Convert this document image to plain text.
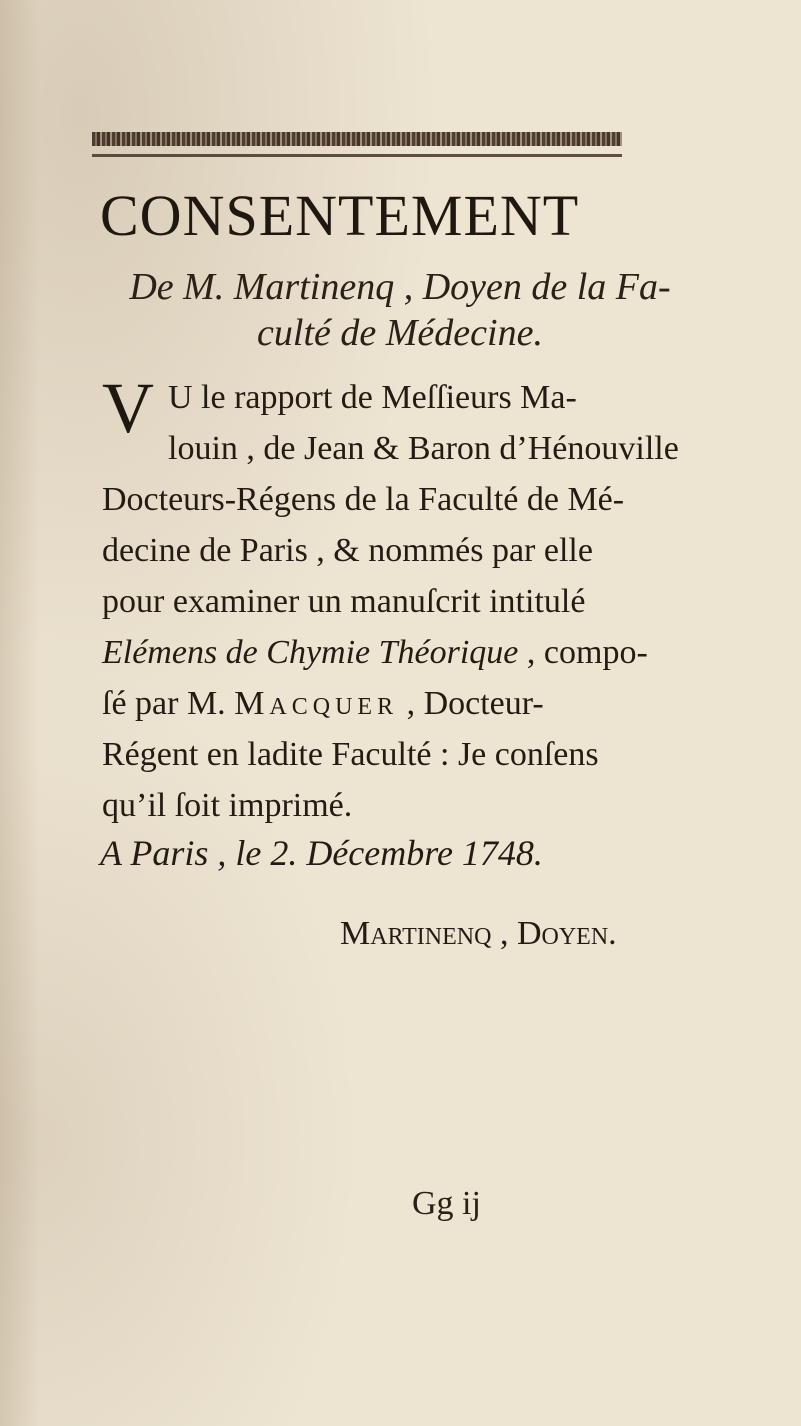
CONSENTEMENT

De M. Martinenq , Doyen de la Fa-
culté de Médecine.

V U le rapport de Meſſieurs Ma-
louin , de Jean & Baron d’Hénouville
Docteurs-Régens de la Faculté de Mé-
decine de Paris , & nommés par elle
pour examiner un manuſcrit intitulé
Elémens de Chymie Théorique , compo-
ſé par M. Macquer , Docteur-
Régent en ladite Faculté : Je conſens
qu’il ſoit imprimé.

A Paris , le 2. Décembre 1748.

Martinenq , Doyen.

Gg ij
